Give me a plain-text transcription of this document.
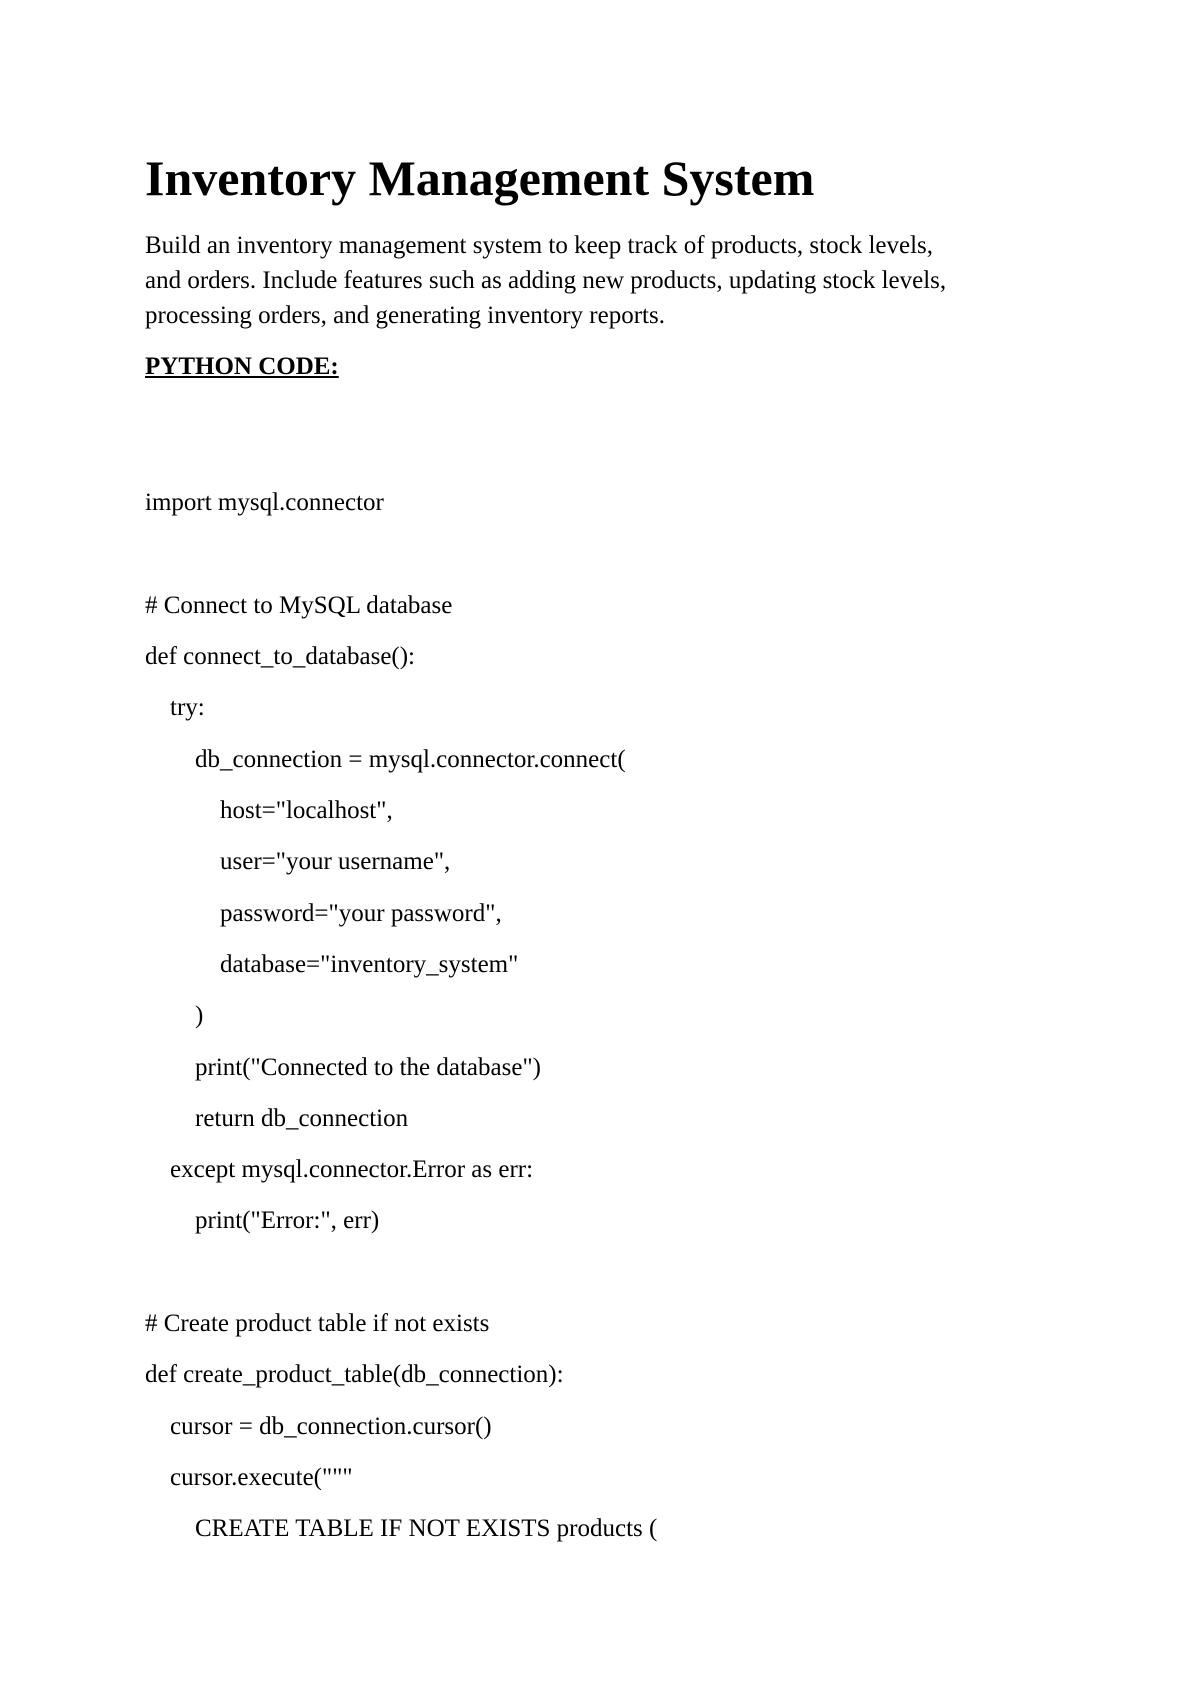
Inventory Management System

Build an inventory management system to keep track of products, stock levels,
and orders. Include features such as adding new products, updating stock levels,
processing orders, and generating inventory reports.

PYTHON CODE:

import mysql.connector
# Connect to MySQL database
def connect_to_database():
try:
db_connection = mysql.connector.connect(
host="localhost",
user="your username",
password="your password",
database="inventory_system"
)
print("Connected to the database")
return db_connection
except mysql.connector.Error as err:
print("Error:", err)
# Create product table if not exists
def create_product_table(db_connection):
cursor = db_connection.cursor()
cursor.execute("""
CREATE TABLE IF NOT EXISTS products (
